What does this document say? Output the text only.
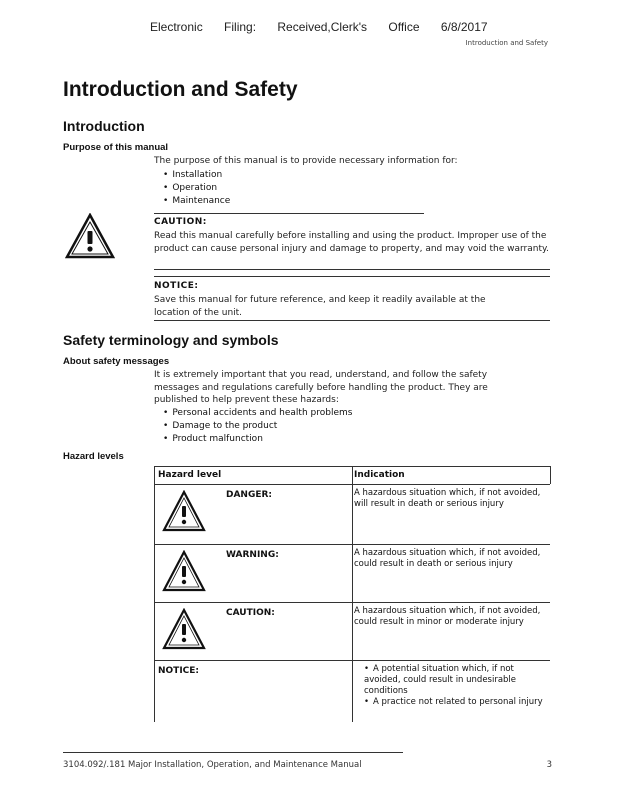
Electronic Filing: Received,Clerk's Office 6/8/2017
Introduction and Safety
Introduction and Safety
Introduction
Purpose of this manual
The purpose of this manual is to provide necessary information for:
• Installation
• Operation
• Maintenance
CAUTION:
Read this manual carefully before installing and using the product. Improper use of the product can cause personal injury and damage to property, and may void the warranty.
NOTICE:
Save this manual for future reference, and keep it readily available at the location of the unit.
Safety terminology and symbols
About safety messages
It is extremely important that you read, understand, and follow the safety messages and regulations carefully before handling the product. They are published to help prevent these hazards:
• Personal accidents and health problems
• Damage to the product
• Product malfunction
Hazard levels
Hazard level	Indication
DANGER:	A hazardous situation which, if not avoided, will result in death or serious injury
WARNING:	A hazardous situation which, if not avoided, could result in death or serious injury
CAUTION:	A hazardous situation which, if not avoided, could result in minor or moderate injury
NOTICE:
•	A potential situation which, if not avoided, could result in undesirable conditions
• A practice not related to personal injury
3104.092/.181 Major Installation, Operation, and Maintenance Manual	3
